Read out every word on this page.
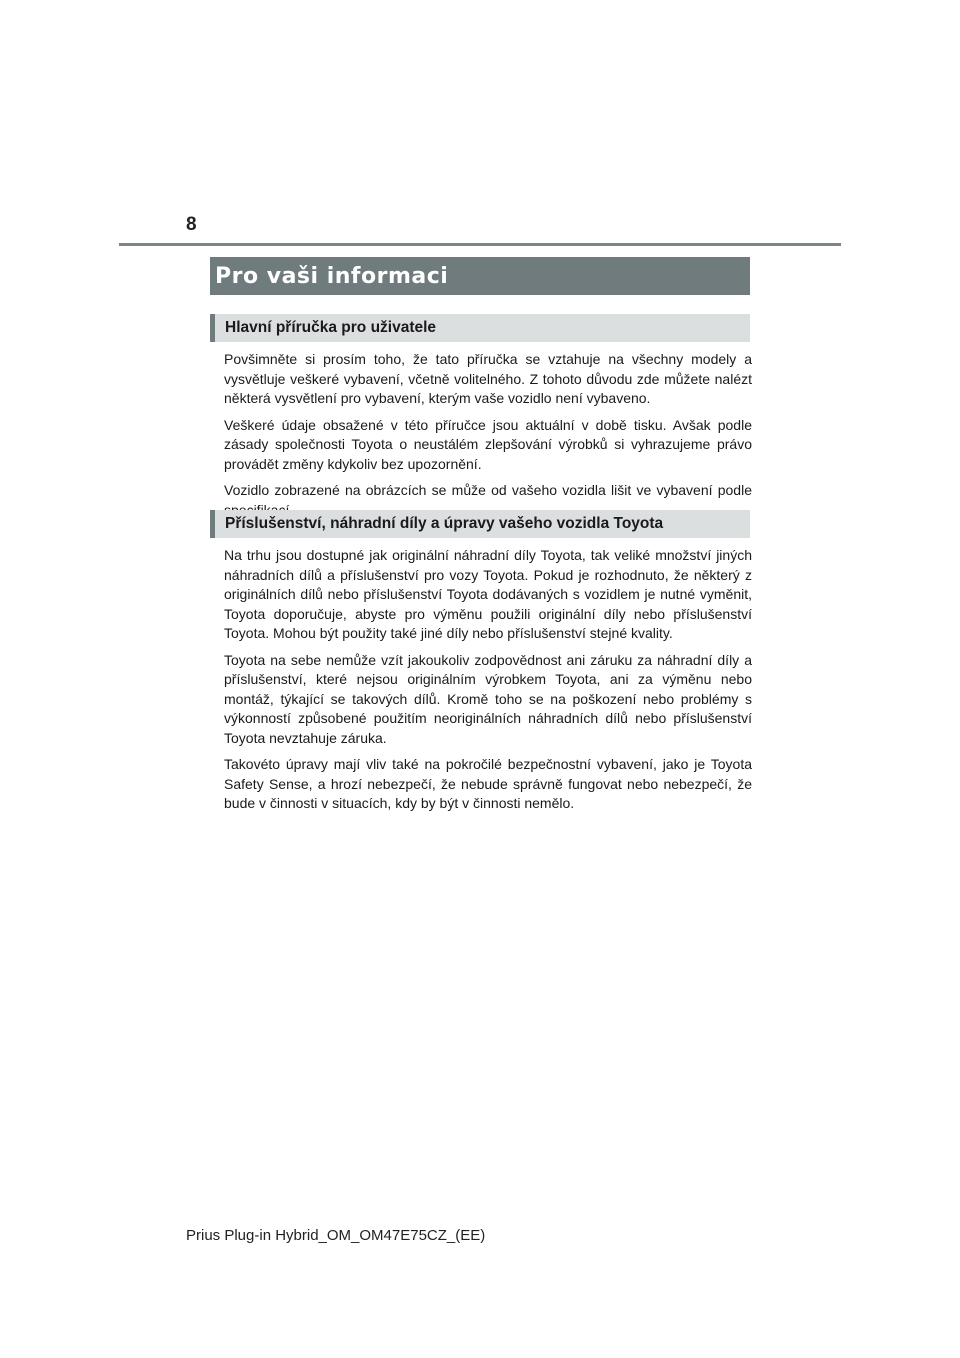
8
Pro vaši informaci
Hlavní příručka pro uživatele

Povšimněte si prosím toho, že tato příručka se vztahuje na všechny modely a vysvětluje veškeré vybavení, včetně volitelného. Z tohoto důvodu zde můžete nalézt některá vysvětlení pro vybavení, kterým vaše vozidlo není vybaveno.

Veškeré údaje obsažené v této příručce jsou aktuální v době tisku. Avšak podle zásady společnosti Toyota o neustálém zlepšování výrobků si vyhrazujeme právo provádět změny kdykoliv bez upozornění.

Vozidlo zobrazené na obrázcích se může od vašeho vozidla lišit ve vybavení podle

Příslušenství, náhradní díly a úpravy vašeho vozidla Toyota

Na trhu jsou dostupné jak originální náhradní díly Toyota, tak veliké množství jiných náhradních dílů a příslušenství pro vozy Toyota. Pokud je rozhodnuto, že některý z originálních dílů nebo příslušenství Toyota dodávaných s vozidlem je nutné vyměnit, Toyota doporučuje, abyste pro výměnu použili originální díly nebo příslušenství Toyota. Mohou být použity také jiné díly nebo příslušenství stejné kvality.

Toyota na sebe nemůže vzít jakoukoliv zodpovědnost ani záruku za náhradní díly a příslušenství, které nejsou originálním výrobkem Toyota, ani za výměnu nebo montáž, týkající se takových dílů. Kromě toho se na poškození nebo problémy s výkonností způsobené použitím neoriginálních náhradních dílů nebo příslušenství Toyota nevztahuje záruka.

Takovéto úpravy mají vliv také na pokročilé bezpečnostní vybavení, jako je Toyota Safety Sense, a hrozí nebezpečí, že nebude správně fungovat nebo nebezpečí, že bude v činnosti v situacích, kdy by být v činnosti nemělo.

Prius Plug-in Hybrid_OM_OM47E75CZ_(EE)
